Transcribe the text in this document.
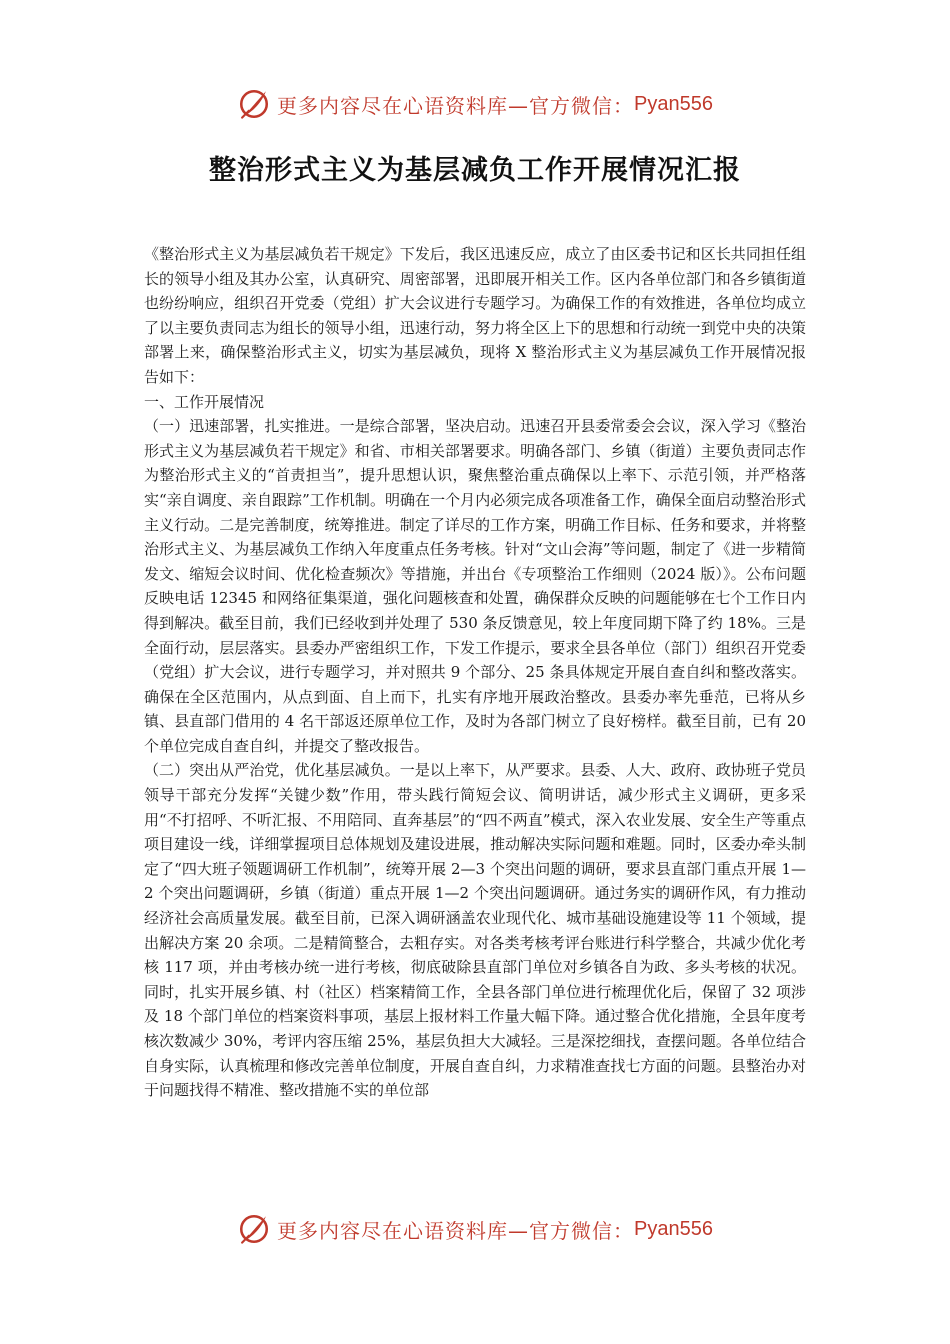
更多内容尽在心语资料库—官方微信： Pyan556
整治形式主义为基层减负工作开展情况汇报

《整治形式主义为基层减负若干规定》下发后，我区迅速反应，成立了由区委书记和区长共同担任组长的领导小组及其办公室，认真研究、周密部署，迅即展开相关工作。区内各单位部门和各乡镇街道也纷纷响应，组织召开党委（党组）扩大会议进行专题学习。为确保工作的有效推进，各单位均成立了以主要负责同志为组长的领导小组，迅速行动，努力将全区上下的思想和行动统一到党中央的决策部署上来，确保整治形式主义，切实为基层减负，现将 X 整治形式主义为基层减负工作开展情况报告如下：

一、工作开展情况

（一）迅速部署，扎实推进。一是综合部署，坚决启动。迅速召开县委常委会会议，深入学习《整治形式主义为基层减负若干规定》和省、市相关部署要求。明确各部门、乡镇（街道）主要负责同志作为整治形式主义的“首责担当”，提升思想认识，聚焦整治重点确保以上率下、示范引领，并严格落实“亲自调度、亲自跟踪”工作机制。明确在一个月内必须完成各项准备工作，确保全面启动整治形式主义行动。二是完善制度，统筹推进。制定了详尽的工作方案，明确工作目标、任务和要求，并将整治形式主义、为基层减负工作纳入年度重点任务考核。针对“文山会海”等问题，制定了《进一步精简发文、缩短会议时间、优化检查频次》等措施，并出台《专项整治工作细则（2024 版）》。公布问题反映电话 12345 和网络征集渠道，强化问题核查和处置，确保群众反映的问题能够在七个工作日内得到解决。截至目前，我们已经收到并处理了 530 条反馈意见，较上年度同期下降了约 18%。三是全面行动，层层落实。县委办严密组织工作，下发工作提示，要求全县各单位（部门）组织召开党委（党组）扩大会议，进行专题学习，并对照共 9 个部分、25 条具体规定开展自查自纠和整改落实。确保在全区范围内，从点到面、自上而下，扎实有序地开展政治整改。县委办率先垂范，已将从乡镇、县直部门借用的 4 名干部返还原单位工作，及时为各部门树立了良好榜样。截至目前，已有 20 个单位完成自查自纠，并提交了整改报告。

（二）突出从严治党，优化基层减负。一是以上率下，从严要求。县委、人大、政府、政协班子党员领导干部充分发挥“关键少数”作用，带头践行简短会议、简明讲话，减少形式主义调研，更多采用“不打招呼、不听汇报、不用陪同、直奔基层”的“四不两直”模式，深入农业发展、安全生产等重点项目建设一线，详细掌握项目总体规划及建设进展，推动解决实际问题和难题。同时，区委办牵头制定了“四大班子领题调研工作机制”，统筹开展 2—3 个突出问题的调研，要求县直部门重点开展 1—2 个突出问题调研，乡镇（街道）重点开展 1—2 个突出问题调研。通过务实的调研作风，有力推动经济社会高质量发展。截至目前，已深入调研涵盖农业现代化、城市基础设施建设等 11 个领域，提出解决方案 20 余项。二是精简整合，去粗存实。对各类考核考评台账进行科学整合，共减少优化考核 117 项，并由考核办统一进行考核，彻底破除县直部门单位对乡镇各自为政、多头考核的状况。同时，扎实开展乡镇、村（社区）档案精简工作，全县各部门单位进行梳理优化后，保留了 32 项涉及 18 个部门单位的档案资料事项，基层上报材料工作量大幅下降。通过整合优化措施，全县年度考核次数减少 30%，考评内容压缩 25%，基层负担大大减轻。三是深挖细找，查摆问题。各单位结合自身实际，认真梳理和修改完善单位制度，开展自查自纠，力求精准查找七方面的问题。县整治办对于问题找得不精准、整改措施不实的单位部

更多内容尽在心语资料库—官方微信： Pyan556
